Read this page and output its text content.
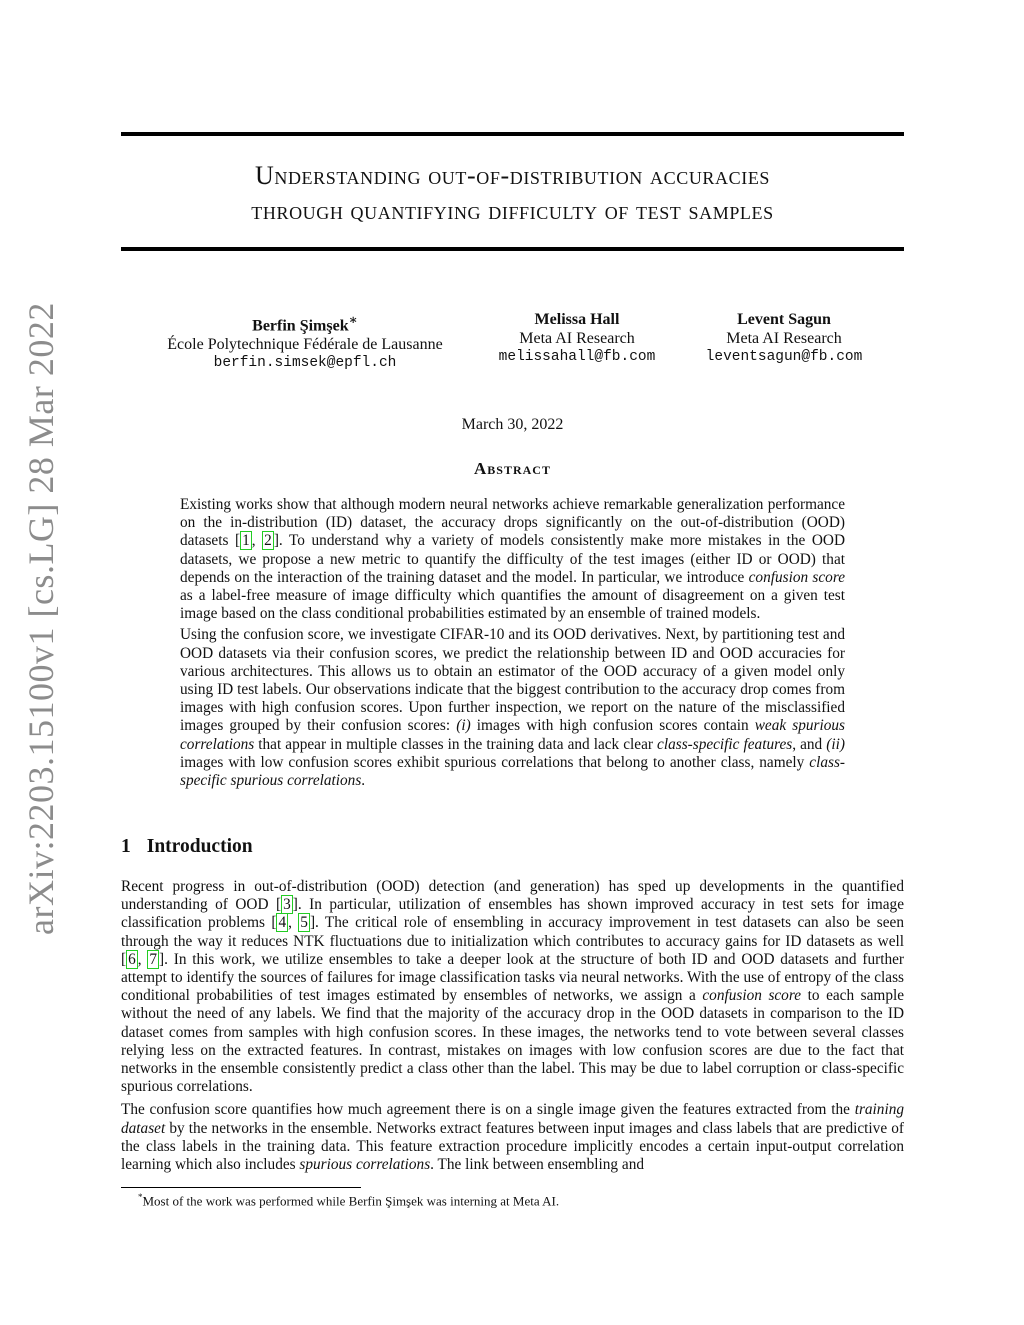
arXiv:2203.15100v1 [cs.LG] 28 Mar 2022
Understanding out-of-distribution accuracies
through quantifying difficulty of test samples
Berfin Şimşek∗
École Polytechnique Fédérale de Lausanne
berfin.simsek@epfl.ch
Melissa Hall
Meta AI Research
melissahall@fb.com
Levent Sagun
Meta AI Research
leventsagun@fb.com
March 30, 2022
Abstract

Existing works show that although modern neural networks achieve remarkable generalization performance on the in-distribution (ID) dataset, the accuracy drops significantly on the out-of-distribution (OOD) datasets [ 1 , 2 ]. To understand why a variety of models consistently make more mistakes in the OOD datasets, we propose a new metric to quantify the difficulty of the test images (either ID or OOD) that depends on the interaction of the training dataset and the model. In particular, we introduce confusion score as a label-free measure of image difficulty which quantifies the amount of disagreement on a given test image based on the class conditional probabilities estimated by an ensemble of trained models.

Using the confusion score, we investigate CIFAR-10 and its OOD derivatives. Next, by partitioning test and OOD datasets via their confusion scores, we predict the relationship between ID and OOD accuracies for various architectures. This allows us to obtain an estimator of the OOD accuracy of a given model only using ID test labels. Our observations indicate that the biggest contribution to the accuracy drop comes from images with high confusion scores. Upon further inspection, we report on the nature of the misclassified images grouped by their confusion scores: (i) images with high confusion scores contain weak spurious correlations that appear in multiple classes in the training data and lack clear class-specific features, and (ii) images with low confusion scores exhibit spurious correlations that belong to another class, namely class-specific spurious correlations.

1 Introduction

Recent progress in out-of-distribution (OOD) detection (and generation) has sped up developments in the quantified understanding of OOD [ 3 ]. In particular, utilization of ensembles has shown improved accuracy in test sets for image classification problems [ 4 , 5 ]. The critical role of ensembling in accuracy improvement in test datasets can also be seen through the way it reduces NTK fluctuations due to initialization which contributes to accuracy gains for ID datasets as well [ 6 , 7 ]. In this work, we utilize ensembles to take a deeper look at the structure of both ID and OOD datasets and further attempt to identify the sources of failures for image classification tasks via neural networks. With the use of entropy of the class conditional probabilities of test images estimated by ensembles of networks, we assign a confusion score to each sample without the need of any labels. We find that the majority of the accuracy drop in the OOD datasets in comparison to the ID dataset comes from samples with high confusion scores. In these images, the networks tend to vote between several classes relying less on the extracted features. In contrast, mistakes on images with low confusion scores are due to the fact that networks in the ensemble consistently predict a class other than the label. This may be due to label corruption or class-specific spurious correlations.

The confusion score quantifies how much agreement there is on a single image given the features extracted from the training dataset by the networks in the ensemble. Networks extract features between input images and class labels that are predictive of the class labels in the training data. This feature extraction procedure implicitly encodes a certain input-output correlation learning which also includes spurious correlations. The link between ensembling and

*Most of the work was performed while Berfin Şimşek was interning at Meta AI.
